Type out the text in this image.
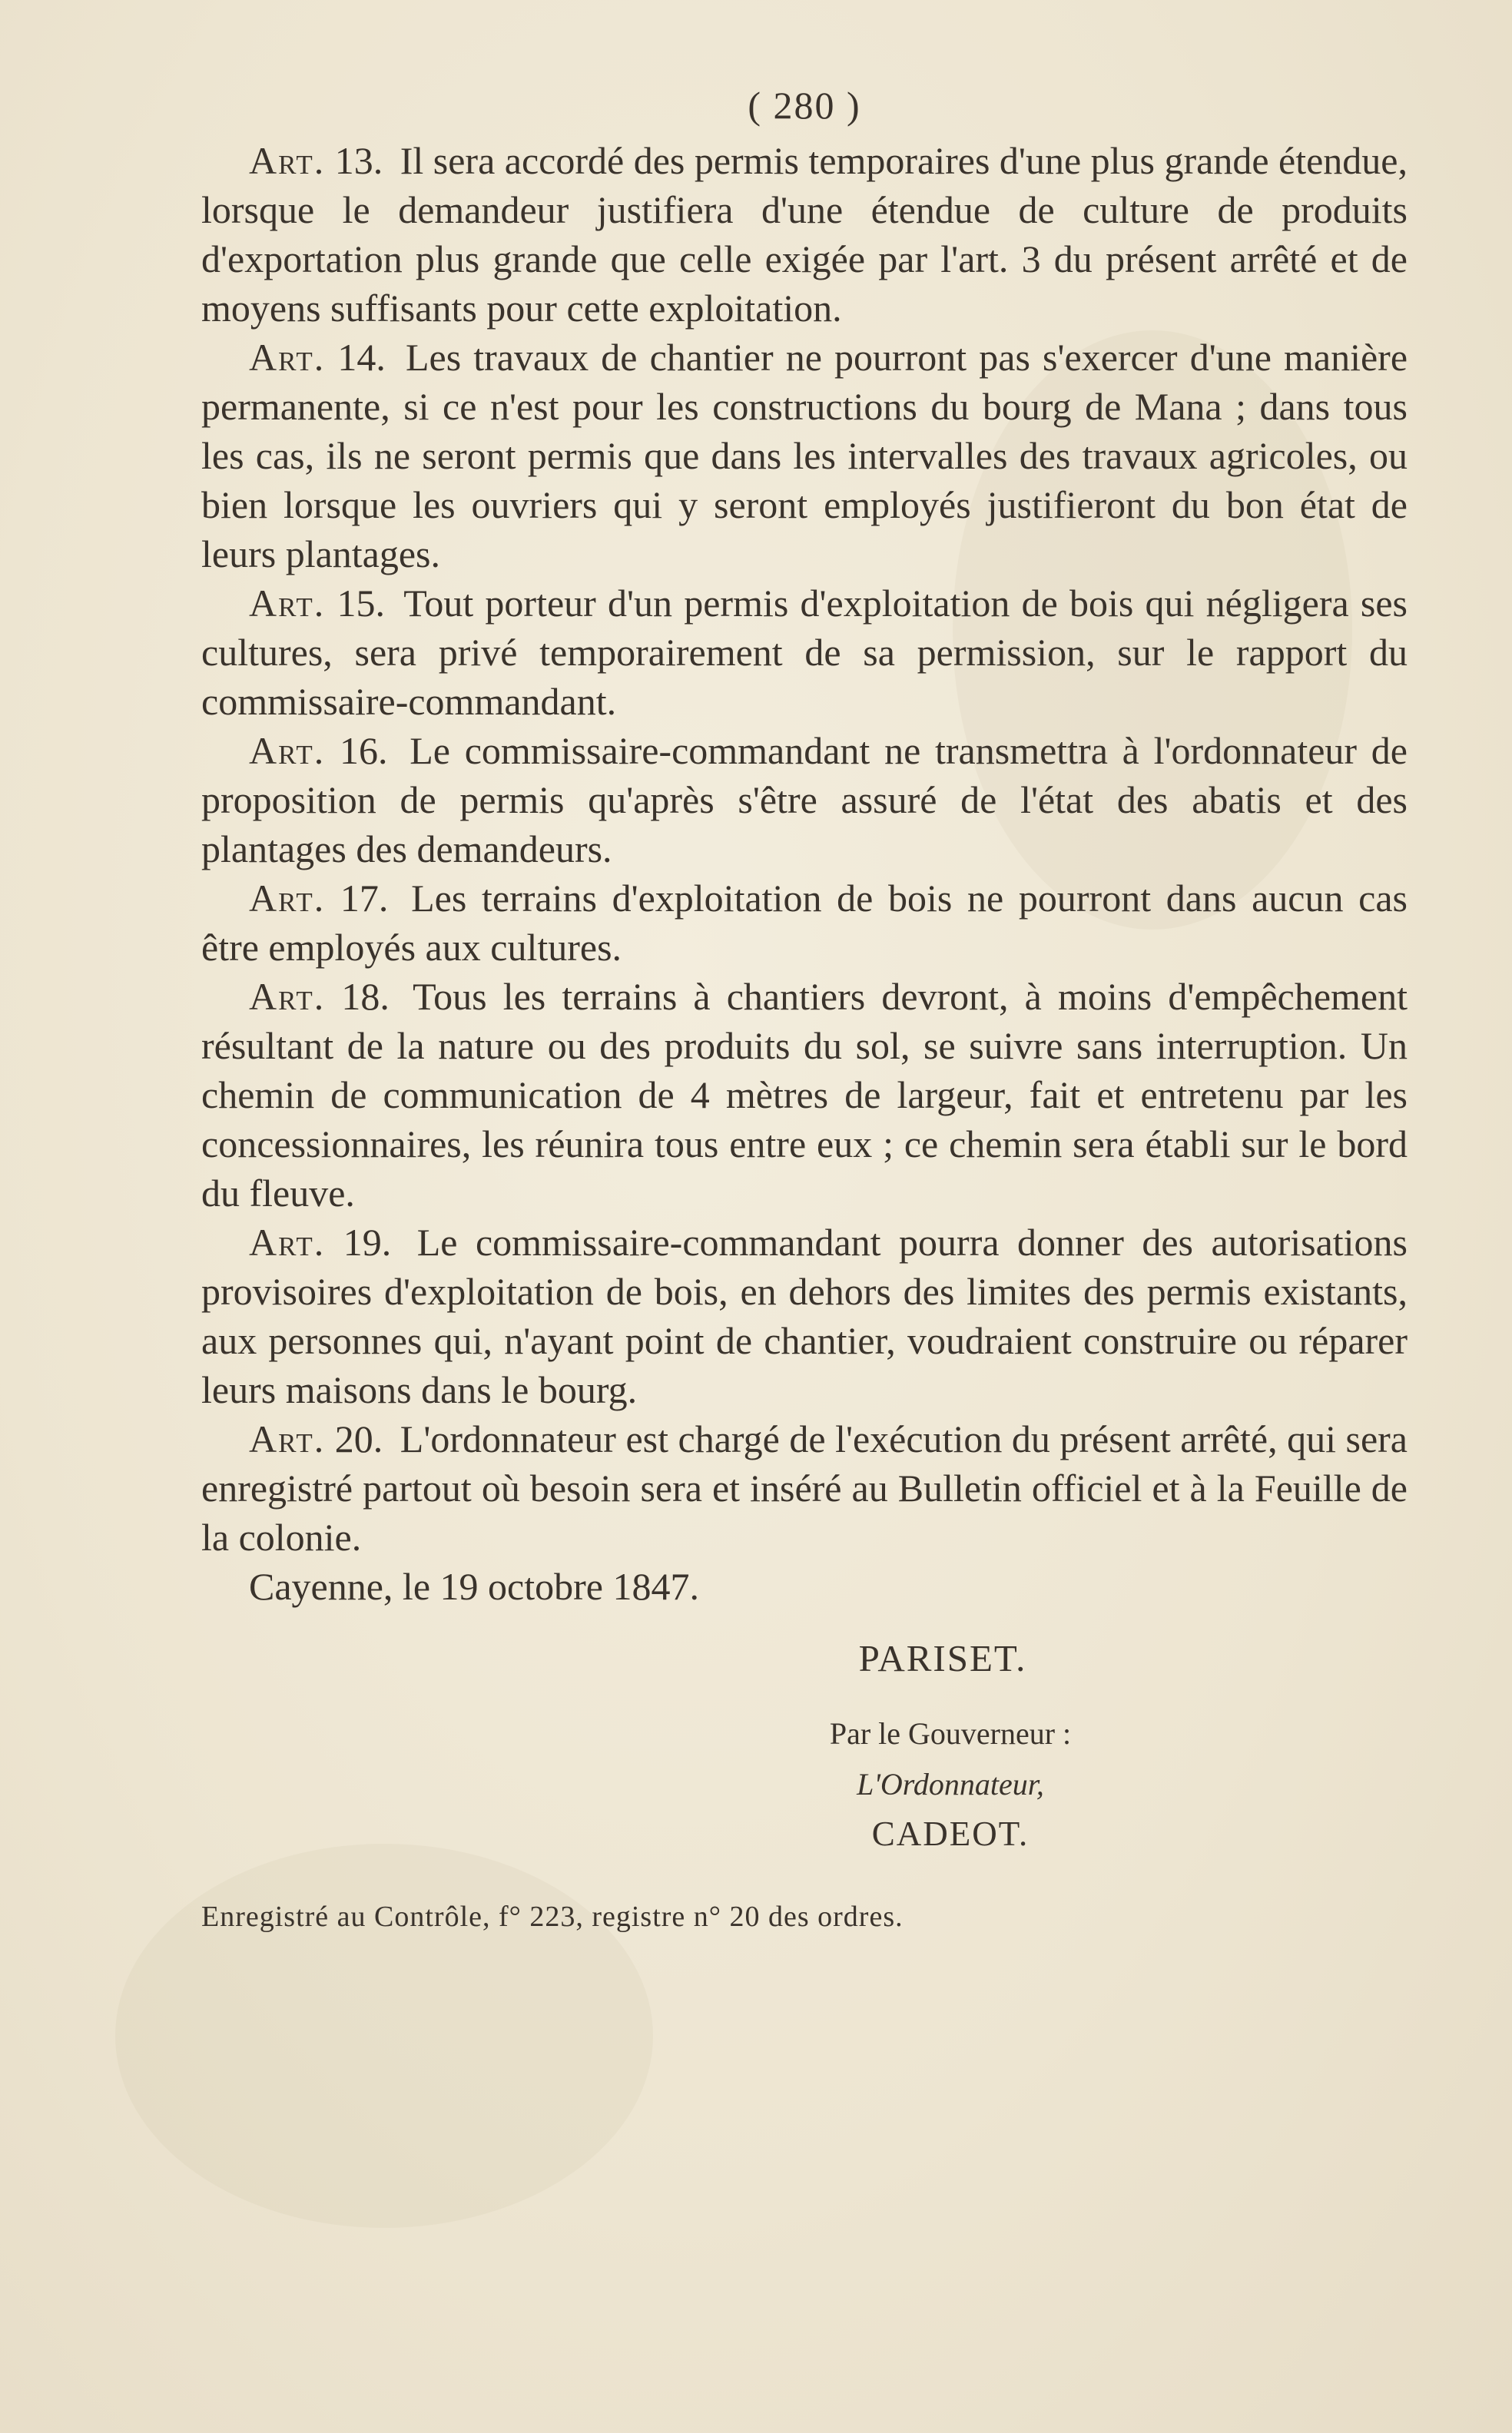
( 280 )

Art. 13. Il sera accordé des permis temporaires d'une plus grande étendue, lorsque le demandeur justifiera d'une étendue de culture de produits d'exportation plus grande que celle exigée par l'art. 3 du présent arrêté et de moyens suffisants pour cette exploitation.

Art. 14. Les travaux de chantier ne pourront pas s'exercer d'une manière permanente, si ce n'est pour les constructions du bourg de Mana ; dans tous les cas, ils ne seront permis que dans les intervalles des travaux agricoles, ou bien lorsque les ouvriers qui y seront employés justifieront du bon état de leurs plantages.

Art. 15. Tout porteur d'un permis d'exploitation de bois qui négligera ses cultures, sera privé temporairement de sa permission, sur le rapport du commissaire-commandant.

Art. 16. Le commissaire-commandant ne transmettra à l'ordonnateur de proposition de permis qu'après s'être assuré de l'état des abatis et des plantages des demandeurs.

Art. 17. Les terrains d'exploitation de bois ne pourront dans aucun cas être employés aux cultures.

Art. 18. Tous les terrains à chantiers devront, à moins d'empêchement résultant de la nature ou des produits du sol, se suivre sans interruption. Un chemin de communication de 4 mètres de largeur, fait et entretenu par les concessionnaires, les réunira tous entre eux ; ce chemin sera établi sur le bord du fleuve.

Art. 19. Le commissaire-commandant pourra donner des autorisations provisoires d'exploitation de bois, en dehors des limites des permis existants, aux personnes qui, n'ayant point de chantier, voudraient construire ou réparer leurs maisons dans le bourg.

Art. 20. L'ordonnateur est chargé de l'exécution du présent arrêté, qui sera enregistré partout où besoin sera et inséré au Bulletin officiel et à la Feuille de la colonie.

Cayenne, le 19 octobre 1847.

PARISET.
Par le Gouverneur :
L'Ordonnateur,
CADEOT.
Enregistré au Contrôle, f° 223, registre n° 20 des ordres.
